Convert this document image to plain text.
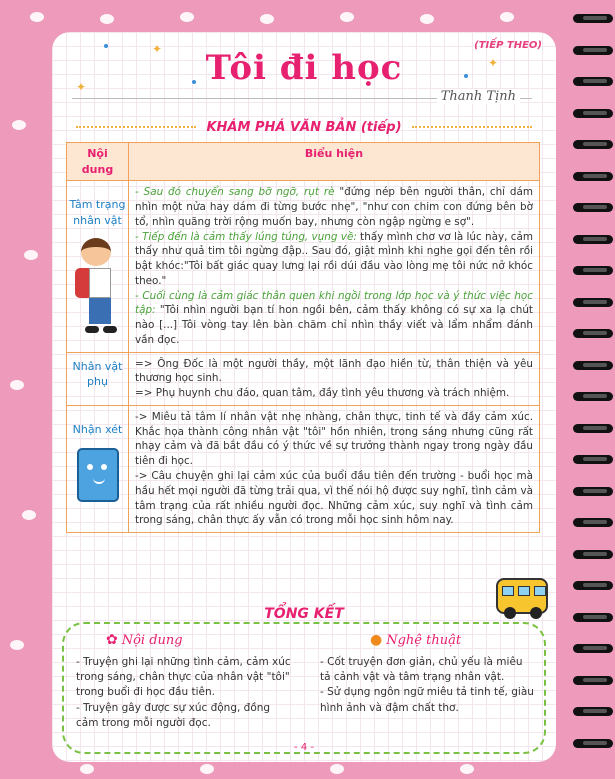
(TIẾP THEO)
✦
✦
✦
Tôi đi học
Thanh Tịnh
KHÁM PHÁ VĂN BẢN (tiếp)
Nội dung	Biểu hiện

Tâm trạng nhân vật	- Sau đó chuyển sang bỡ ngỡ, rụt rè "đứng nép bên người thân, chỉ dám nhìn một nửa hay dám đi từng bước nhẹ", "như con chim con đứng bên bờ tổ, nhìn quãng trời rộng muốn bay, nhưng còn ngập ngừng e sợ".
- Tiếp đến là cảm thấy lúng túng, vụng về: thấy mình chơ vơ là lúc này, cảm thấy như quả tim tôi ngừng đập.. Sau đó, giật mình khi nghe gọi đến tên rồi bật khóc:"Tôi bất giác quay lưng lại rồi dúi đầu vào lòng mẹ tôi nức nở khóc theo."
- Cuối cùng là cảm giác thân quen khi ngồi trong lớp học và ý thức việc học tập: "Tôi nhìn người bạn tí hon ngồi bên, cảm thấy không có sự xa lạ chút nào [...] Tôi vòng tay lên bàn chăm chỉ nhìn thầy viết và lẩm nhẩm đánh vần đọc.

Nhân vật phụ	=> Ông Đốc là một người thầy, một lãnh đạo hiền từ, thân thiện và yêu thương học sinh.
=> Phụ huynh chu đáo, quan tâm, đầy tình yêu thương và trách nhiệm.

Nhận xét	-> Miêu tả tâm lí nhân vật nhẹ nhàng, chân thực, tinh tế và đầy cảm xúc. Khắc họa thành công nhân vật "tôi" hồn nhiên, trong sáng nhưng cũng rất nhạy cảm và đã bắt đầu có ý thức về sự trưởng thành ngay trong ngày đầu tiên đi học.
-> Câu chuyện ghi lại cảm xúc của buổi đầu tiên đến trường - buổi học mà hầu hết mọi người đã từng trải qua, vì thế nói hộ được suy nghĩ, tình cảm và tâm trạng của rất nhiều người đọc. Những cảm xúc, suy nghĩ và tình cảm trong sáng, chân thực ấy vẫn có trong mỗi học sinh hôm nay.
TỔNG KẾT
✿ Nội dung
- Truyện ghi lại những tình cảm, cảm xúc trong sáng, chân thực của nhân vật "tôi" trong buổi đi học đầu tiên.
- Truyện gây được sự xúc động, đồng cảm trong mỗi người đọc.
● Nghệ thuật
- Cốt truyện đơn giản, chủ yếu là miêu tả cảnh vật và tâm trạng nhân vật.
- Sử dụng ngôn ngữ miêu tả tinh tế, giàu hình ảnh và đậm chất thơ.
- 4 -
